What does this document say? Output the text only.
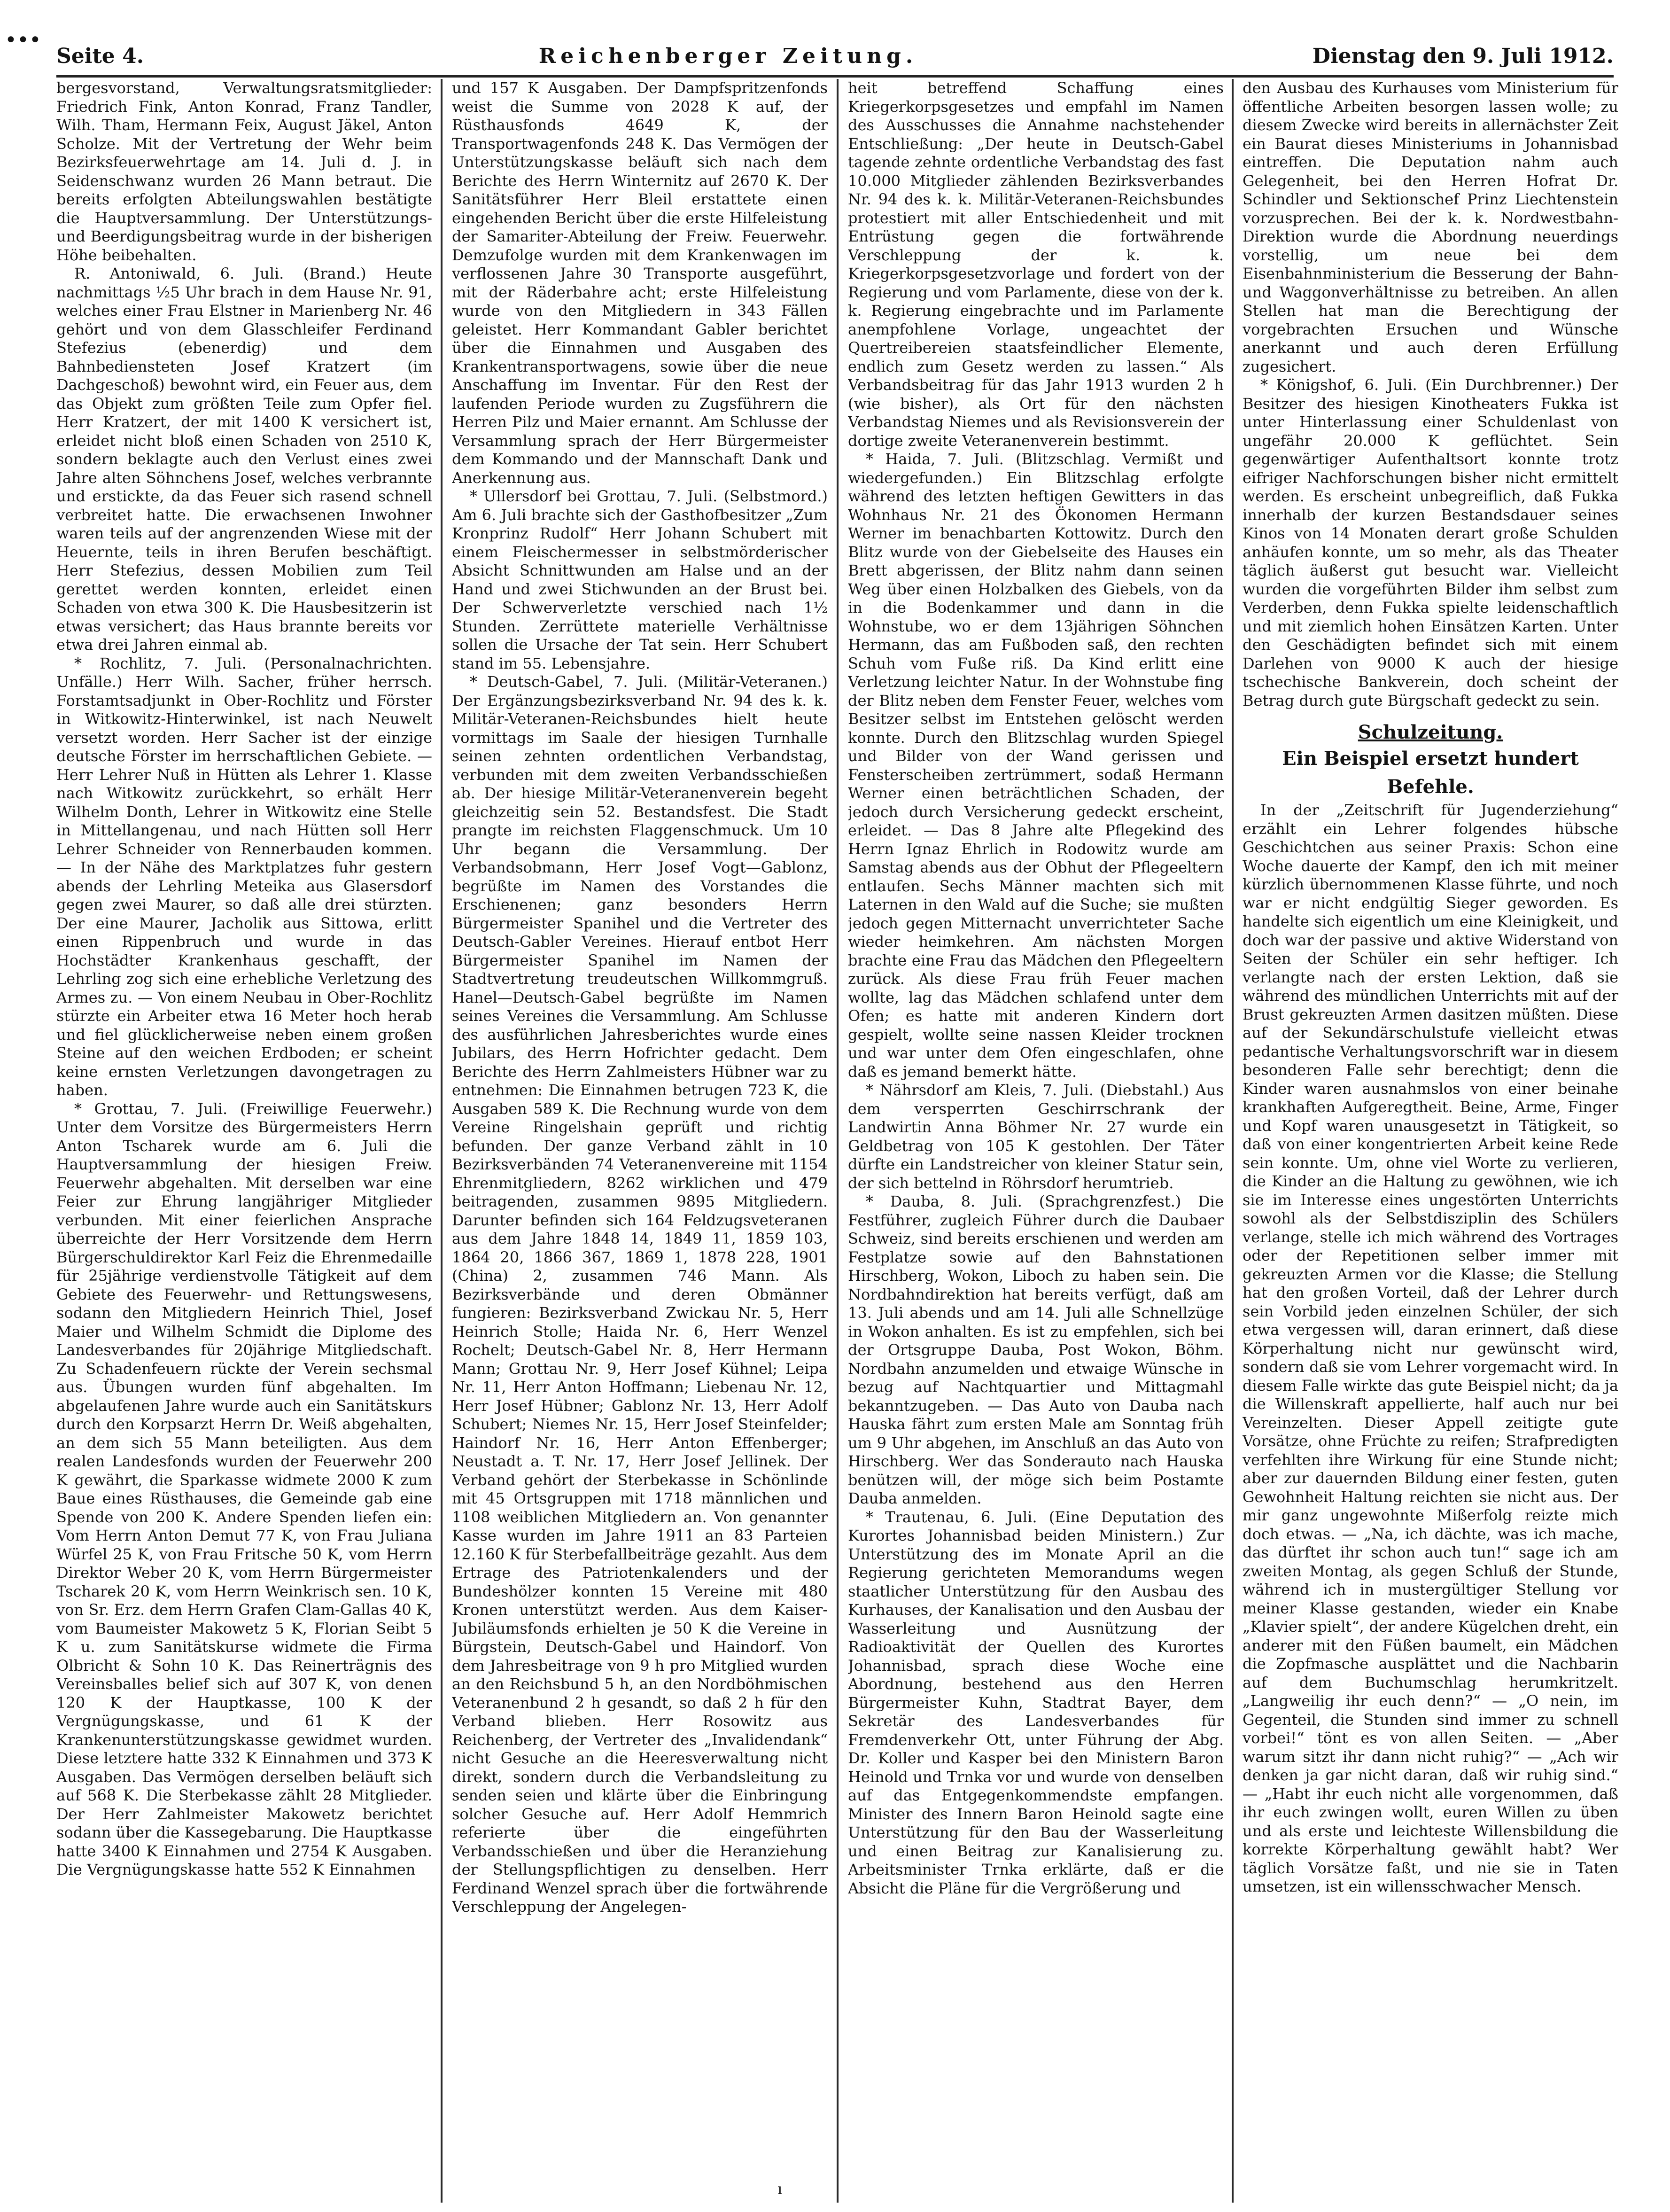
•••
Seite 4.	Reichenberger Zeitung.	Dienstag den 9. Juli 1912.

bergesvorstand, Verwaltungsratsmitglieder: Friedrich Fink, Anton Konrad, Franz Tandler, Wilh. Tham, Hermann Feix, August Jäkel, Anton Scholze. Mit der Vertretung der Wehr beim Bezirksfeuerwehrtage am 14. Juli d. J. in Seidenschwanz wurden 26 Mann betraut. Die bereits erfolgten Abteilungswahlen bestätigte die Hauptversammlung. Der Unterstützungs- und Beerdigungsbeitrag wurde in der bisherigen Höhe beibehalten.

R. Antoniwald, 6. Juli. (Brand.) Heute nachmittags ½5 Uhr brach in dem Hause Nr. 91, welches einer Frau Elstner in Marienberg Nr. 46 gehört und von dem Glasschleifer Ferdinand Stefezius (ebenerdig) und dem Bahnbediensteten Josef Kratzert (im Dachgeschoß) bewohnt wird, ein Feuer aus, dem das Objekt zum größten Teile zum Opfer fiel. Herr Kratzert, der mit 1400 K versichert ist, erleidet nicht bloß einen Schaden von 2510 K, sondern beklagte auch den Verlust eines zwei Jahre alten Söhnchens Josef, welches verbrannte und erstickte, da das Feuer sich rasend schnell verbreitet hatte. Die erwachsenen Inwohner waren teils auf der angrenzenden Wiese mit der Heuernte, teils in ihren Berufen beschäftigt. Herr Stefezius, dessen Mobilien zum Teil gerettet werden konnten, erleidet einen Schaden von etwa 300 K. Die Hausbesitzerin ist etwas versichert; das Haus brannte bereits vor etwa drei Jahren einmal ab.

* Rochlitz, 7. Juli. (Personalnachrichten. Unfälle.) Herr Wilh. Sacher, früher herrsch. Forstamtsadjunkt in Ober-Rochlitz und Förster in Witkowitz-Hinterwinkel, ist nach Neuwelt versetzt worden. Herr Sacher ist der einzige deutsche Förster im herrschaftlichen Gebiete. — Herr Lehrer Nuß in Hütten als Lehrer 1. Klasse nach Witkowitz zurückkehrt, so erhält Herr Wilhelm Donth, Lehrer in Witkowitz eine Stelle in Mittellangenau, und nach Hütten soll Herr Lehrer Schneider von Rennerbauden kommen. — In der Nähe des Marktplatzes fuhr gestern abends der Lehrling Meteika aus Glasersdorf gegen zwei Maurer, so daß alle drei stürzten. Der eine Maurer, Jacholik aus Sittowa, erlitt einen Rippenbruch und wurde in das Hochstädter Krankenhaus geschafft, der Lehrling zog sich eine erhebliche Verletzung des Armes zu. — Von einem Neubau in Ober-Rochlitz stürzte ein Arbeiter etwa 16 Meter hoch herab und fiel glücklicherweise neben einem großen Steine auf den weichen Erdboden; er scheint keine ernsten Verletzungen davongetragen zu haben.

* Grottau, 7. Juli. (Freiwillige Feuerwehr.) Unter dem Vorsitze des Bürgermeisters Herrn Anton Tscharek wurde am 6. Juli die Hauptversammlung der hiesigen Freiw. Feuerwehr abgehalten. Mit derselben war eine Feier zur Ehrung langjähriger Mitglieder verbunden. Mit einer feierlichen Ansprache überreichte der Herr Vorsitzende dem Herrn Bürgerschuldirektor Karl Feiz die Ehrenmedaille für 25jährige verdienstvolle Tätigkeit auf dem Gebiete des Feuerwehr- und Rettungswesens, sodann den Mitgliedern Heinrich Thiel, Josef Maier und Wilhelm Schmidt die Diplome des Landesverbandes für 20jährige Mitgliedschaft. Zu Schadenfeuern rückte der Verein sechsmal aus. Übungen wurden fünf abgehalten. Im abgelaufenen Jahre wurde auch ein Sanitätskurs durch den Korpsarzt Herrn Dr. Weiß abgehalten, an dem sich 55 Mann beteiligten. Aus dem realen Landesfonds wurden der Feuerwehr 200 K gewährt, die Sparkasse widmete 2000 K zum Baue eines Rüsthauses, die Gemeinde gab eine Spende von 200 K. Andere Spenden liefen ein: Vom Herrn Anton Demut 77 K, von Frau Juliana Würfel 25 K, von Frau Fritsche 50 K, vom Herrn Direktor Weber 20 K, vom Herrn Bürgermeister Tscharek 20 K, vom Herrn Weinkrisch sen. 10 K, von Sr. Erz. dem Herrn Grafen Clam-Gallas 40 K, vom Baumeister Makowetz 5 K, Florian Seibt 5 K u. zum Sanitätskurse widmete die Firma Olbricht & Sohn 10 K. Das Reinerträgnis des Vereinsballes belief sich auf 307 K, von denen 120 K der Hauptkasse, 100 K der Vergnügungskasse, und 61 K der Krankenunterstützungskasse gewidmet wurden. Diese letztere hatte 332 K Einnahmen und 373 K Ausgaben. Das Vermögen derselben beläuft sich auf 568 K. Die Sterbekasse zählt 28 Mitglieder. Der Herr Zahlmeister Makowetz berichtet sodann über die Kassegebarung. Die Hauptkasse hatte 3400 K Einnahmen und 2754 K Ausgaben. Die Vergnügungskasse hatte 552 K Einnahmen

und 157 K Ausgaben. Der Dampfspritzenfonds weist die Summe von 2028 K auf, der Rüsthausfonds 4649 K, der Transportwagenfonds 248 K. Das Vermögen der Unterstützungskasse beläuft sich nach dem Berichte des Herrn Winternitz auf 2670 K. Der Sanitätsführer Herr Bleil erstattete einen eingehenden Bericht über die erste Hilfeleistung der Samariter-Abteilung der Freiw. Feuerwehr. Demzufolge wurden mit dem Krankenwagen im verflossenen Jahre 30 Transporte ausgeführt, mit der Räderbahre acht; erste Hilfeleistung wurde von den Mitgliedern in 343 Fällen geleistet. Herr Kommandant Gabler berichtet über die Einnahmen und Ausgaben des Krankentransportwagens, sowie über die neue Anschaffung im Inventar. Für den Rest der laufenden Periode wurden zu Zugsführern die Herren Pilz und Maier ernannt. Am Schlusse der Versammlung sprach der Herr Bürgermeister dem Kommando und der Mannschaft Dank und Anerkennung aus.

* Ullersdorf bei Grottau, 7. Juli. (Selbstmord.) Am 6. Juli brachte sich der Gasthofbesitzer „Zum Kronprinz Rudolf“ Herr Johann Schubert mit einem Fleischermesser in selbstmörderischer Absicht Schnittwunden am Halse und an der Hand und zwei Stichwunden an der Brust bei. Der Schwerverletzte verschied nach 1½ Stunden. Zerrüttete materielle Verhältnisse sollen die Ursache der Tat sein. Herr Schubert stand im 55. Lebensjahre.

* Deutsch-Gabel, 7. Juli. (Militär-Veteranen.) Der Ergänzungsbezirksverband Nr. 94 des k. k. Militär-Veteranen-Reichsbundes hielt heute vormittags im Saale der hiesigen Turnhalle seinen zehnten ordentlichen Verbandstag, verbunden mit dem zweiten Verbandsschießen ab. Der hiesige Militär-Veteranenverein begeht gleichzeitig sein 52. Bestandsfest. Die Stadt prangte im reichsten Flaggenschmuck. Um 10 Uhr begann die Versammlung. Der Verbandsobmann, Herr Josef Vogt—Gablonz, begrüßte im Namen des Vorstandes die Erschienenen; ganz besonders Herrn Bürgermeister Spanihel und die Vertreter des Deutsch-Gabler Vereines. Hierauf entbot Herr Bürgermeister Spanihel im Namen der Stadtvertretung treudeutschen Willkommgruß. Hanel—Deutsch-Gabel begrüßte im Namen seines Vereines die Versammlung. Am Schlusse des ausführlichen Jahresberichtes wurde eines Jubilars, des Herrn Hofrichter gedacht. Dem Berichte des Herrn Zahlmeisters Hübner war zu entnehmen: Die Einnahmen betrugen 723 K, die Ausgaben 589 K. Die Rechnung wurde von dem Vereine Ringelshain geprüft und richtig befunden. Der ganze Verband zählt in 10 Bezirksverbänden 74 Veteranenvereine mit 1154 Ehrenmitgliedern, 8262 wirklichen und 479 beitragenden, zusammen 9895 Mitgliedern. Darunter befinden sich 164 Feldzugsveteranen aus dem Jahre 1848 14, 1849 11, 1859 103, 1864 20, 1866 367, 1869 1, 1878 228, 1901 (China) 2, zusammen 746 Mann. Als Bezirksverbände und deren Obmänner fungieren: Bezirksverband Zwickau Nr. 5, Herr Heinrich Stolle; Haida Nr. 6, Herr Wenzel Rochelt; Deutsch-Gabel Nr. 8, Herr Hermann Mann; Grottau Nr. 9, Herr Josef Kühnel; Leipa Nr. 11, Herr Anton Hoffmann; Liebenau Nr. 12, Herr Josef Hübner; Gablonz Nr. 13, Herr Adolf Schubert; Niemes Nr. 15, Herr Josef Steinfelder; Haindorf Nr. 16, Herr Anton Effenberger; Neustadt a. T. Nr. 17, Herr Josef Jellinek. Der Verband gehört der Sterbekasse in Schönlinde mit 45 Ortsgruppen mit 1718 männlichen und 1108 weiblichen Mitgliedern an. Von genannter Kasse wurden im Jahre 1911 an 83 Parteien 12.160 K für Sterbefallbeiträge gezahlt. Aus dem Ertrage des Patriotenkalenders und der Bundeshölzer konnten 15 Vereine mit 480 Kronen unterstützt werden. Aus dem Kaiser-Jubiläumsfonds erhielten je 50 K die Vereine in Bürgstein, Deutsch-Gabel und Haindorf. Von dem Jahresbeitrage von 9 h pro Mitglied wurden an den Reichsbund 5 h, an den Nordböhmischen Veteranenbund 2 h gesandt, so daß 2 h für den Verband blieben. Herr Rosowitz aus Reichenberg, der Vertreter des „Invalidendank“ nicht Gesuche an die Heeresverwaltung nicht direkt, sondern durch die Verbandsleitung zu senden seien und klärte über die Einbringung solcher Gesuche auf. Herr Adolf Hemmrich referierte über die eingeführten Verbandsschießen und über die Heranziehung der Stellungspflichtigen zu denselben. Herr Ferdinand Wenzel sprach über die fortwährende Verschleppung der Angelegen-

heit betreffend Schaffung eines Kriegerkorpsgesetzes und empfahl im Namen des Ausschusses die Annahme nachstehender Entschließung: „Der heute in Deutsch-Gabel tagende zehnte ordentliche Verbandstag des fast 10.000 Mitglieder zählenden Bezirksverbandes Nr. 94 des k. k. Militär-Veteranen-Reichsbundes protestiert mit aller Entschiedenheit und mit Entrüstung gegen die fortwährende Verschleppung der k. k. Kriegerkorpsgesetzvorlage und fordert von der Regierung und vom Parlamente, diese von der k. k. Regierung eingebrachte und im Parlamente anempfohlene Vorlage, ungeachtet der Quertreibereien staatsfeindlicher Elemente, endlich zum Gesetz werden zu lassen.“ Als Verbandsbeitrag für das Jahr 1913 wurden 2 h (wie bisher), als Ort für den nächsten Verbandstag Niemes und als Revisionsverein der dortige zweite Veteranenverein bestimmt.

* Haida, 7. Juli. (Blitzschlag. Vermißt und wiedergefunden.) Ein Blitzschlag erfolgte während des letzten heftigen Gewitters in das Wohnhaus Nr. 21 des Ökonomen Hermann Werner im benachbarten Kottowitz. Durch den Blitz wurde von der Giebelseite des Hauses ein Brett abgerissen, der Blitz nahm dann seinen Weg über einen Holzbalken des Giebels, von da in die Bodenkammer und dann in die Wohnstube, wo er dem 13jährigen Söhnchen Hermann, das am Fußboden saß, den rechten Schuh vom Fuße riß. Da Kind erlitt eine Verletzung leichter Natur. In der Wohnstube fing der Blitz neben dem Fenster Feuer, welches vom Besitzer selbst im Entstehen gelöscht werden konnte. Durch den Blitzschlag wurden Spiegel und Bilder von der Wand gerissen und Fensterscheiben zertrümmert, sodaß Hermann Werner einen beträchtlichen Schaden, der jedoch durch Versicherung gedeckt erscheint, erleidet. — Das 8 Jahre alte Pflegekind des Herrn Ignaz Ehrlich in Rodowitz wurde am Samstag abends aus der Obhut der Pflegeeltern entlaufen. Sechs Männer machten sich mit Laternen in den Wald auf die Suche; sie mußten jedoch gegen Mitternacht unverrichteter Sache wieder heimkehren. Am nächsten Morgen brachte eine Frau das Mädchen den Pflegeeltern zurück. Als diese Frau früh Feuer machen wollte, lag das Mädchen schlafend unter dem Ofen; es hatte mit anderen Kindern dort gespielt, wollte seine nassen Kleider trocknen und war unter dem Ofen eingeschlafen, ohne daß es jemand bemerkt hätte.

* Nährsdorf am Kleis, 7. Juli. (Diebstahl.) Aus dem versperrten Geschirrschrank der Landwirtin Anna Böhmer Nr. 27 wurde ein Geldbetrag von 105 K gestohlen. Der Täter dürfte ein Landstreicher von kleiner Statur sein, der sich bettelnd in Röhrsdorf herumtrieb.

* Dauba, 8. Juli. (Sprachgrenzfest.) Die Festführer, zugleich Führer durch die Daubaer Schweiz, sind bereits erschienen und werden am Festplatze sowie auf den Bahnstationen Hirschberg, Wokon, Liboch zu haben sein. Die Nordbahndirektion hat bereits verfügt, daß am 13. Juli abends und am 14. Juli alle Schnellzüge in Wokon anhalten. Es ist zu empfehlen, sich bei der Ortsgruppe Dauba, Post Wokon, Böhm. Nordbahn anzumelden und etwaige Wünsche in bezug auf Nachtquartier und Mittagmahl bekanntzugeben. — Das Auto von Dauba nach Hauska fährt zum ersten Male am Sonntag früh um 9 Uhr abgehen, im Anschluß an das Auto von Hirschberg. Wer das Sonderauto nach Hauska benützen will, der möge sich beim Postamte Dauba anmelden.

* Trautenau, 6. Juli. (Eine Deputation des Kurortes Johannisbad beiden Ministern.) Zur Unterstützung des im Monate April an die Regierung gerichteten Memorandums wegen staatlicher Unterstützung für den Ausbau des Kurhauses, der Kanalisation und den Ausbau der Wasserleitung und Ausnützung der Radioaktivität der Quellen des Kurortes Johannisbad, sprach diese Woche eine Abordnung, bestehend aus den Herren Bürgermeister Kuhn, Stadtrat Bayer, dem Sekretär des Landesverbandes für Fremdenverkehr Ott, unter Führung der Abg. Dr. Koller und Kasper bei den Ministern Baron Heinold und Trnka vor und wurde von denselben auf das Entgegenkommendste empfangen. Minister des Innern Baron Heinold sagte eine Unterstützung für den Bau der Wasserleitung und einen Beitrag zur Kanalisierung zu. Arbeitsminister Trnka erklärte, daß er die Absicht die Pläne für die Vergrößerung und

den Ausbau des Kurhauses vom Ministerium für öffentliche Arbeiten besorgen lassen wolle; zu diesem Zwecke wird bereits in allernächster Zeit ein Baurat dieses Ministeriums in Johannisbad eintreffen. Die Deputation nahm auch Gelegenheit, bei den Herren Hofrat Dr. Schindler und Sektionschef Prinz Liechtenstein vorzusprechen. Bei der k. k. Nordwestbahn-Direktion wurde die Abordnung neuerdings vorstellig, um neue bei dem Eisenbahnministerium die Besserung der Bahn- und Waggonverhältnisse zu betreiben. An allen Stellen hat man die Berechtigung der vorgebrachten Ersuchen und Wünsche anerkannt und auch deren Erfüllung zugesichert.

* Königshof, 6. Juli. (Ein Durchbrenner.) Der Besitzer des hiesigen Kinotheaters Fukka ist unter Hinterlassung einer Schuldenlast von ungefähr 20.000 K geflüchtet. Sein gegenwärtiger Aufenthaltsort konnte trotz eifriger Nachforschungen bisher nicht ermittelt werden. Es erscheint unbegreiflich, daß Fukka innerhalb der kurzen Bestandsdauer seines Kinos von 14 Monaten derart große Schulden anhäufen konnte, um so mehr, als das Theater täglich äußerst gut besucht war. Vielleicht wurden die vorgeführten Bilder ihm selbst zum Verderben, denn Fukka spielte leidenschaftlich und mit ziemlich hohen Einsätzen Karten. Unter den Geschädigten befindet sich mit einem Darlehen von 9000 K auch der hiesige tschechische Bankverein, doch scheint der Betrag durch gute Bürgschaft gedeckt zu sein.

Schulzeitung.
Ein Beispiel ersetzt hundert Befehle.

In der „Zeitschrift für Jugenderziehung“ erzählt ein Lehrer folgendes hübsche Geschichtchen aus seiner Praxis: Schon eine Woche dauerte der Kampf, den ich mit meiner kürzlich übernommenen Klasse führte, und noch war er nicht endgültig Sieger geworden. Es handelte sich eigentlich um eine Kleinigkeit, und doch war der passive und aktive Widerstand von Seiten der Schüler ein sehr heftiger. Ich verlangte nach der ersten Lektion, daß sie während des mündlichen Unterrichts mit auf der Brust gekreuzten Armen dasitzen müßten. Diese auf der Sekundärschulstufe vielleicht etwas pedantische Verhaltungsvorschrift war in diesem besonderen Falle sehr berechtigt; denn die Kinder waren ausnahmslos von einer beinahe krankhaften Aufgeregtheit. Beine, Arme, Finger und Kopf waren unausgesetzt in Tätigkeit, so daß von einer kongentrierten Arbeit keine Rede sein konnte. Um, ohne viel Worte zu verlieren, die Kinder an die Haltung zu gewöhnen, wie ich sie im Interesse eines ungestörten Unterrichts sowohl als der Selbstdisziplin des Schülers verlange, stelle ich mich während des Vortrages oder der Repetitionen selber immer mit gekreuzten Armen vor die Klasse; die Stellung hat den großen Vorteil, daß der Lehrer durch sein Vorbild jeden einzelnen Schüler, der sich etwa vergessen will, daran erinnert, daß diese Körperhaltung nicht nur gewünscht wird, sondern daß sie vom Lehrer vorgemacht wird. In diesem Falle wirkte das gute Beispiel nicht; da ja die Willenskraft appellierte, half auch nur bei Vereinzelten. Dieser Appell zeitigte gute Vorsätze, ohne Früchte zu reifen; Strafpredigten verfehlten ihre Wirkung für eine Stunde nicht; aber zur dauernden Bildung einer festen, guten Gewohnheit Haltung reichten sie nicht aus. Der mir ganz ungewohnte Mißerfolg reizte mich doch etwas. — „Na, ich dächte, was ich mache, das dürftet ihr schon auch tun!“ sage ich am zweiten Montag, als gegen Schluß der Stunde, während ich in mustergültiger Stellung vor meiner Klasse gestanden, wieder ein Knabe „Klavier spielt“, der andere Kügelchen dreht, ein anderer mit den Füßen baumelt, ein Mädchen die Zopfmasche ausplättet und die Nachbarin auf dem Buchumschlag herumkritzelt. „Langweilig ihr euch denn?“ — „O nein, im Gegenteil, die Stunden sind immer zu schnell vorbei!“ tönt es von allen Seiten. — „Aber warum sitzt ihr dann nicht ruhig?“ — „Ach wir denken ja gar nicht daran, daß wir ruhig sind.“ — „Habt ihr euch nicht alle vorgenommen, daß ihr euch zwingen wollt, euren Willen zu üben und als erste und leichteste Willensbildung die korrekte Körperhaltung gewählt habt? Wer täglich Vorsätze faßt, und nie sie in Taten umsetzen, ist ein willensschwacher Mensch.

ı
